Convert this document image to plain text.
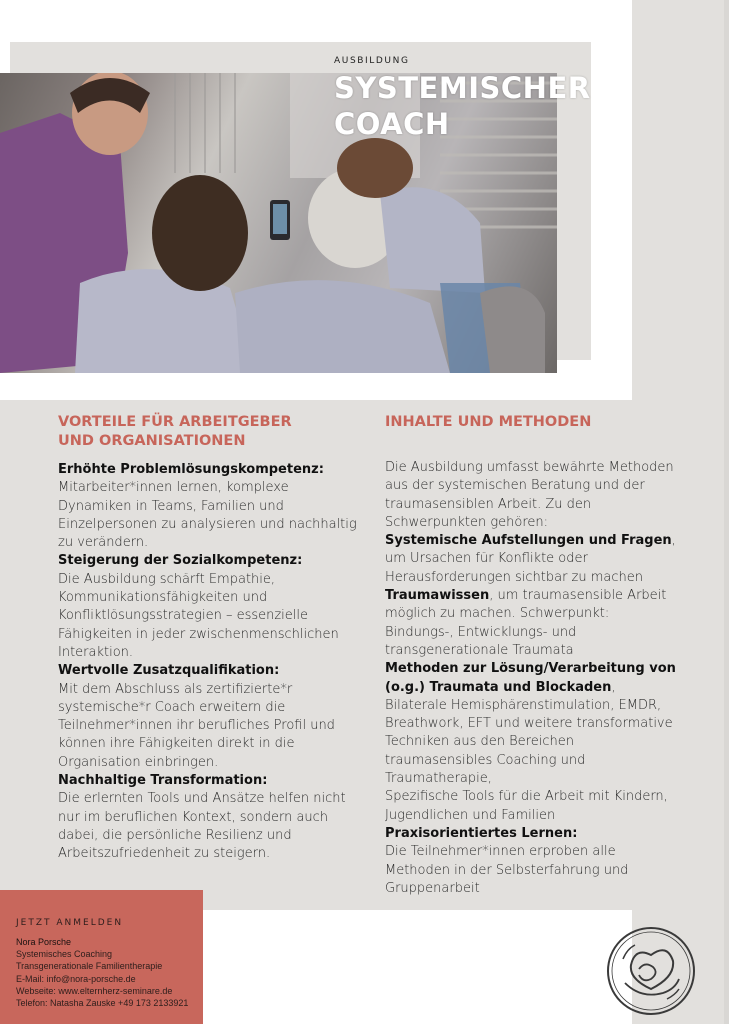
AUSBILDUNG
SYSTEMISCHER
COACH
VORTEILE FÜR ARBEITGEBER
UND ORGANISATIONEN
Erhöhte Problemlösungskompetenz:
Mitarbeiter*innen lernen, komplexe Dynamiken in Teams, Familien und Einzelpersonen zu analysieren und nachhaltig zu verändern.
Steigerung der Sozialkompetenz:
Die Ausbildung schärft Empathie, Kommunikationsfähigkeiten und Konfliktlösungsstrategien – essenzielle Fähigkeiten in jeder zwischenmenschlichen Interaktion.
Wertvolle Zusatzqualifikation:
Mit dem Abschluss als zertifizierte*r systemische*r Coach erweitern die Teilnehmer*innen ihr berufliches Profil und können ihre Fähigkeiten direkt in die Organisation einbringen.
Nachhaltige Transformation:
Die erlernten Tools und Ansätze helfen nicht nur im beruflichen Kontext, sondern auch dabei, die persönliche Resilienz und Arbeitszufriedenheit zu steigern.
INHALTE UND METHODEN
Die Ausbildung umfasst bewährte Methoden aus der systemischen Beratung und der traumasensiblen Arbeit. Zu den Schwerpunkten gehören:
Systemische Aufstellungen und Fragen, um Ursachen für Konflikte oder Herausforderungen sichtbar zu machen
Traumawissen, um traumasensible Arbeit möglich zu machen. Schwerpunkt: Bindungs-, Entwicklungs- und transgenerationale Traumata
Methoden zur Lösung/Verarbeitung von (o.g.) Traumata und Blockaden, Bilaterale Hemisphärenstimulation, EMDR, Breathwork, EFT und weitere transformative Techniken aus den Bereichen traumasensibles Coaching und Traumatherapie,
Spezifische Tools für die Arbeit mit Kindern, Jugendlichen und Familien
Praxisorientiertes Lernen:
Die Teilnehmer*innen erproben alle Methoden in der Selbsterfahrung und Gruppenarbeit
JETZT ANMELDEN
Nora Porsche
Systemisches Coaching
Transgenerationale Familientherapie
E-Mail: info@nora-porsche.de
Webseite: www.elternherz-seminare.de
Telefon: Natasha Zauske +49 173 2133921
